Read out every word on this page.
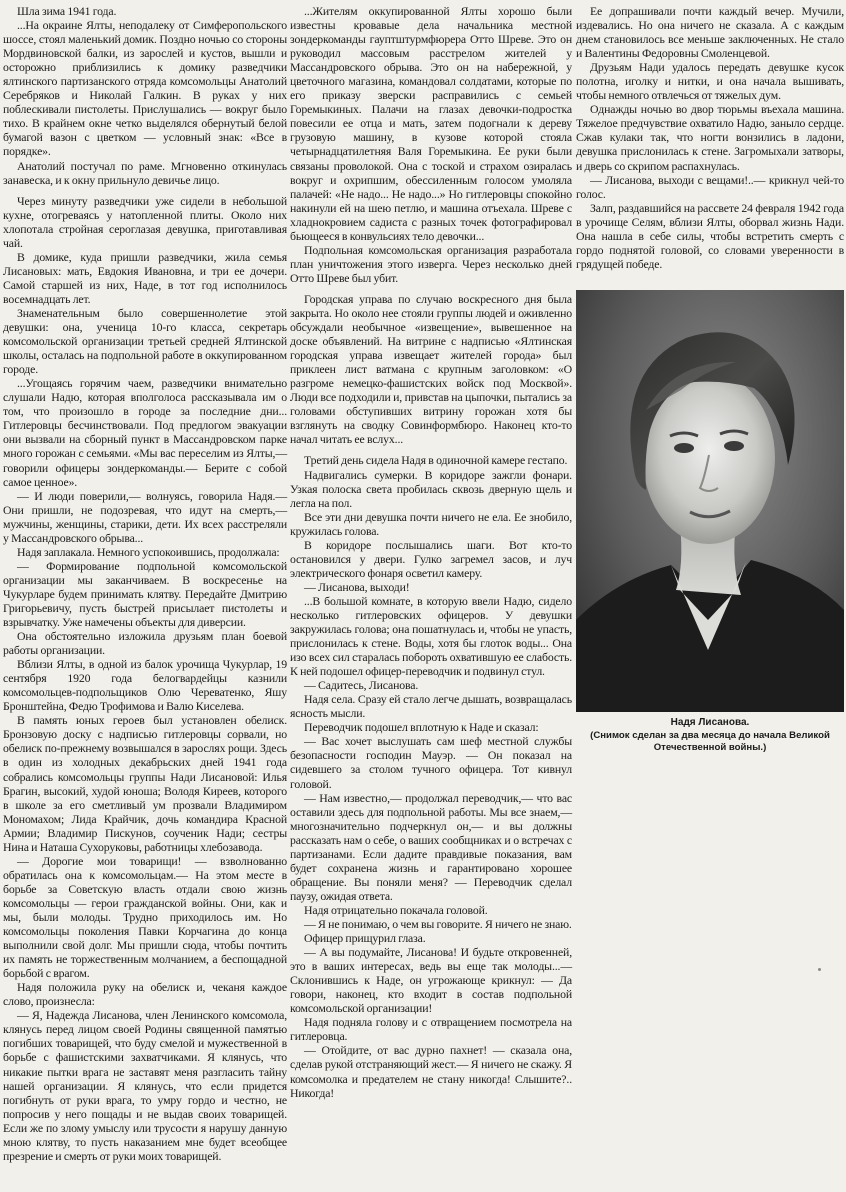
Шла зима 1941 года.

...На окраине Ялты, неподалеку от Симферопольского шоссе, стоял маленький домик. Поздно ночью со стороны Мордвиновской балки, из зарослей и кустов, вышли и осторожно приблизились к домику разведчики ялтинского партизанского отряда комсомольцы Анатолий Серебряков и Николай Галкин. В руках у них поблескивали пистолеты. Прислушались — вокруг было тихо. В крайнем окне четко выделялся обернутый белой бумагой вазон с цветком — условный знак: «Все в порядке».

Анатолий постучал по раме. Мгновенно откинулась занавеска, и к окну прильнуло девичье лицо.

Через минуту разведчики уже сидели в небольшой кухне, отогреваясь у натопленной плиты. Около них хлопотала стройная сероглазая девушка, приготавливая чай.

В домике, куда пришли разведчики, жила семья Лисановых: мать, Евдокия Ивановна, и три ее дочери. Самой старшей из них, Наде, в тот год исполнилось восемнадцать лет.

Знаменательным было совершеннолетие этой девушки: она, ученица 10-го класса, секретарь комсомольской организации третьей средней Ялтинской школы, осталась на подпольной работе в оккупированном городе.

...Угощаясь горячим чаем, разведчики внимательно слушали Надю, которая вполголоса рассказывала им о том, что произошло в городе за последние дни... Гитлеровцы бесчинствовали. Под предлогом эвакуации они вызвали на сборный пункт в Массандровском парке много горожан с семьями. «Мы вас переселим из Ялты,— говорили офицеры зондеркоманды.— Берите с собой самое ценное».

— И люди поверили,— волнуясь, говорила Надя.— Они пришли, не подозревая, что идут на смерть,— мужчины, женщины, старики, дети. Их всех расстреляли у Массандровского обрыва...

Надя заплакала. Немного успокоившись, продолжала:

— Формирование подпольной комсомольской организации мы заканчиваем. В воскресенье на Чукурларе будем принимать клятву. Передайте Дмитрию Григорьевичу, пусть быстрей присылает пистолеты и взрывчатку. Уже намечены объекты для диверсии.

Она обстоятельно изложила друзьям план боевой работы организации.

Вблизи Ялты, в одной из балок урочища Чукурлар, 19 сентября 1920 года белогвардейцы казнили комсомольцев-подпольщиков Олю Череватенко, Яшу Бронштейна, Федю Трофимова и Валю Киселева.

В память юных героев был установлен обелиск. Бронзовую доску с надписью гитлеровцы сорвали, но обелиск по-прежнему возвышался в зарослях рощи. Здесь в один из холодных декабрьских дней 1941 года собрались комсомольцы группы Нади Лисановой: Илья Брагин, высокий, худой юноша; Володя Киреев, которого в школе за его сметливый ум прозвали Владимиром Мономахом; Лида Крайчик, дочь командира Красной Армии; Владимир Пискунов, соученик Нади; сестры Нина и Наташа Сухоруковы, работницы хлебозавода.

— Дорогие мои товарищи! — взволнованно обратилась она к комсомольцам.— На этом месте в борьбе за Советскую власть отдали свою жизнь комсомольцы — герои гражданской войны. Они, как и мы, были молоды. Трудно приходилось им. Но комсомольцы поколения Павки Корчагина до конца выполнили свой долг. Мы пришли сюда, чтобы почтить их память не торжественным молчанием, а беспощадной борьбой с врагом.

Надя положила руку на обелиск и, чеканя каждое слово, произнесла:

— Я, Надежда Лисанова, член Ленинского комсомола, клянусь перед лицом своей Родины священной памятью погибших товарищей, что буду смелой и мужественной в борьбе с фашистскими захватчиками. Я клянусь, что никакие пытки врага не заставят меня разгласить тайну нашей организации. Я клянусь, что если придется погибнуть от руки врага, то умру гордо и честно, не попросив у него пощады и не выдав своих товарищей. Если же по злому умыслу или трусости я нарушу данную мною клятву, то пусть наказанием мне будет всеобщее презрение и смерть от руки моих товарищей.

...Жителям оккупированной Ялты хорошо были известны кровавые дела начальника местной зондеркоманды гауптштурмфюрера Отто Шреве. Это он руководил массовым расстрелом жителей у Массандровского обрыва. Это он на набережной, у цветочного магазина, командовал солдатами, которые по его приказу зверски расправились с семьей Горемыкиных. Палачи на глазах девочки-подростка повесили ее отца и мать, затем подогнали к дереву грузовую машину, в кузове которой стояла четырнадцатилетняя Валя Горемыкина. Ее руки были связаны проволокой. Она с тоской и страхом озиралась вокруг и охрипшим, обессиленным голосом умоляла палачей: «Не надо... Не надо...» Но гитлеровцы спокойно накинули ей на шею петлю, и машина отъехала. Шреве с хладнокровием садиста с разных точек фотографировал бьющееся в конвульсиях тело девочки...

Подпольная комсомольская организация разработала план уничтожения этого изверга. Через несколько дней Отто Шреве был убит.

Городская управа по случаю воскресного дня была закрыта. Но около нее стояли группы людей и оживленно обсуждали необычное «извещение», вывешенное на доске объявлений. На витрине с надписью «Ялтинская городская управа извещает жителей города» был приклеен лист ватмана с крупным заголовком: «О разгроме немецко-фашистских войск под Москвой». Люди все подходили и, привстав на цыпочки, пытались за головами обступивших витрину горожан хотя бы взглянуть на сводку Совинформбюро. Наконец кто-то начал читать ее вслух...

Третий день сидела Надя в одиночной камере гестапо.

Надвигались сумерки. В коридоре зажгли фонари. Узкая полоска света пробилась сквозь дверную щель и легла на пол.

Все эти дни девушка почти ничего не ела. Ее знобило, кружилась голова.

В коридоре послышались шаги. Вот кто-то остановился у двери. Гулко загремел засов, и луч электрического фонаря осветил камеру.

— Лисанова, выходи!

...В большой комнате, в которую ввели Надю, сидело несколько гитлеровских офицеров. У девушки закружилась голова; она пошатнулась и, чтобы не упасть, прислонилась к стене. Воды, хотя бы глоток воды... Она изо всех сил старалась побороть охватившую ее слабость. К ней подошел офицер-переводчик и подвинул стул.

— Садитесь, Лисанова.

Надя села. Сразу ей стало легче дышать, возвращалась ясность мысли.

Переводчик подошел вплотную к Наде и сказал:

— Вас хочет выслушать сам шеф местной службы безопасности господин Мауэр. — Он показал на сидевшего за столом тучного офицера. Тот кивнул головой.

— Нам известно,— продолжал переводчик,— что вас оставили здесь для подпольной работы. Мы все знаем,— многозначительно подчеркнул он,— и вы должны рассказать нам о себе, о ваших сообщниках и о встречах с партизанами. Если дадите правдивые показания, вам будет сохранена жизнь и гарантировано хорошее обращение. Вы поняли меня? — Переводчик сделал паузу, ожидая ответа.

Надя отрицательно покачала головой.

— Я не понимаю, о чем вы говорите. Я ничего не знаю.

Офицер прищурил глаза.

— А вы подумайте, Лисанова! И будьте откровенней, это в ваших интересах, ведь вы еще так молоды...— Склонившись к Наде, он угрожающе крикнул: — Да говори, наконец, кто входит в состав подпольной комсомольской организации!

Надя подняла голову и с отвращением посмотрела на гитлеровца.

— Отойдите, от вас дурно пахнет! — сказала она, сделав рукой отстраняющий жест.— Я ничего не скажу. Я комсомолка и предателем не стану никогда! Слышите?.. Никогда!

Ее допрашивали почти каждый вечер. Мучили, издевались. Но она ничего не сказала. А с каждым днем становилось все меньше заключенных. Не стало и Валентины Федоровны Смоленцевой.

Друзьям Нади удалось передать девушке кусок полотна, иголку и нитки, и она начала вышивать, чтобы немного отвлечься от тяжелых дум.

Однажды ночью во двор тюрьмы въехала машина. Тяжелое предчувствие охватило Надю, заныло сердце. Сжав кулаки так, что ногти вонзились в ладони, девушка прислонилась к стене. Загромыхали затворы, и дверь со скрипом распахнулась.

— Лисанова, выходи с вещами!..— крикнул чей-то голос.

Залп, раздавшийся на рассвете 24 февраля 1942 года в урочище Селям, вблизи Ялты, оборвал жизнь Нади. Она нашла в себе силы, чтобы встретить смерть с гордо поднятой головой, со словами уверенности в грядущей победе.

Надя Лисанова.
(Снимок сделан за два месяца до начала Великой Отечественной войны.)
